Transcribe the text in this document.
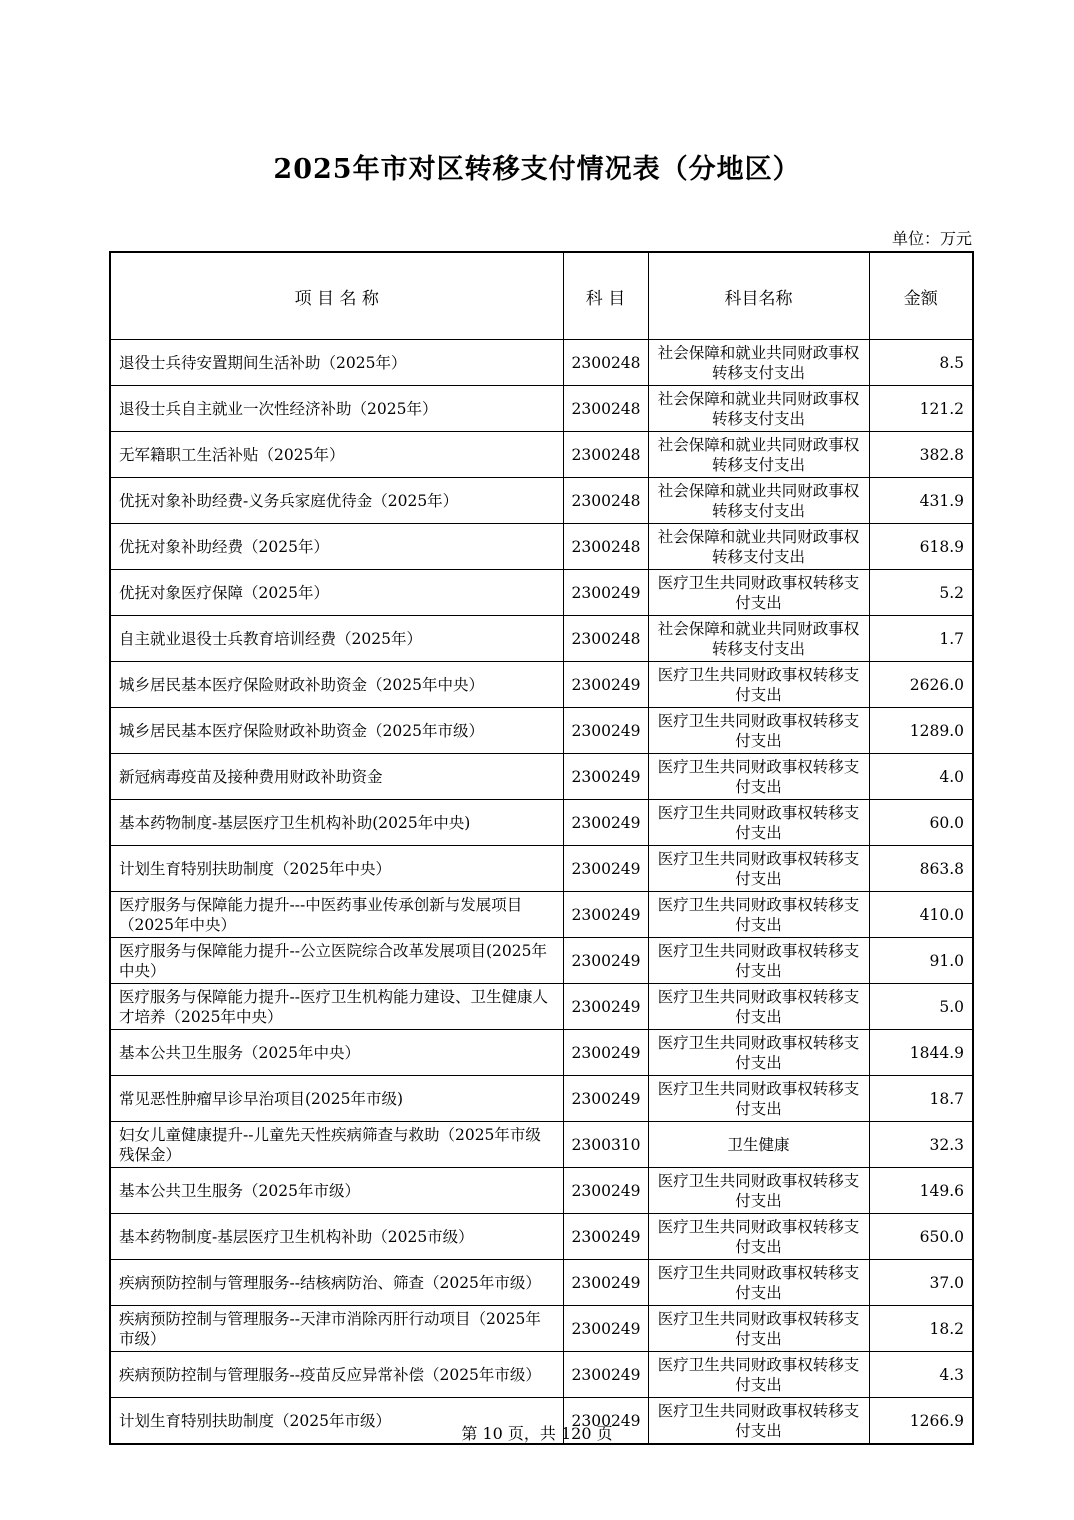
2025年市对区转移支付情况表（分地区）
单位：万元
项 目 名 称	科 目	科目名称	金额
退役士兵待安置期间生活补助（2025年）	2300248	社会保障和就业共同财政事权转移支付支出	8.5
退役士兵自主就业一次性经济补助（2025年）	2300248	社会保障和就业共同财政事权转移支付支出	121.2
无军籍职工生活补贴（2025年）	2300248	社会保障和就业共同财政事权转移支付支出	382.8
优抚对象补助经费-义务兵家庭优待金（2025年）	2300248	社会保障和就业共同财政事权转移支付支出	431.9
优抚对象补助经费（2025年）	2300248	社会保障和就业共同财政事权转移支付支出	618.9
优抚对象医疗保障（2025年）	2300249	医疗卫生共同财政事权转移支付支出	5.2
自主就业退役士兵教育培训经费（2025年）	2300248	社会保障和就业共同财政事权转移支付支出	1.7
城乡居民基本医疗保险财政补助资金（2025年中央）	2300249	医疗卫生共同财政事权转移支付支出	2626.0
城乡居民基本医疗保险财政补助资金（2025年市级）	2300249	医疗卫生共同财政事权转移支付支出	1289.0
新冠病毒疫苗及接种费用财政补助资金	2300249	医疗卫生共同财政事权转移支付支出	4.0
基本药物制度-基层医疗卫生机构补助(2025年中央)	2300249	医疗卫生共同财政事权转移支付支出	60.0
计划生育特别扶助制度（2025年中央）	2300249	医疗卫生共同财政事权转移支付支出	863.8
医疗服务与保障能力提升---中医药事业传承创新与发展项目（2025年中央）	2300249	医疗卫生共同财政事权转移支付支出	410.0
医疗服务与保障能力提升--公立医院综合改革发展项目(2025年中央）	2300249	医疗卫生共同财政事权转移支付支出	91.0
医疗服务与保障能力提升--医疗卫生机构能力建设、卫生健康人才培养（2025年中央）	2300249	医疗卫生共同财政事权转移支付支出	5.0
基本公共卫生服务（2025年中央）	2300249	医疗卫生共同财政事权转移支付支出	1844.9
常见恶性肿瘤早诊早治项目(2025年市级)	2300249	医疗卫生共同财政事权转移支付支出	18.7
妇女儿童健康提升--儿童先天性疾病筛查与救助（2025年市级残保金）	2300310	卫生健康	32.3
基本公共卫生服务（2025年市级）	2300249	医疗卫生共同财政事权转移支付支出	149.6
基本药物制度-基层医疗卫生机构补助（2025市级）	2300249	医疗卫生共同财政事权转移支付支出	650.0
疾病预防控制与管理服务--结核病防治、筛查（2025年市级）	2300249	医疗卫生共同财政事权转移支付支出	37.0
疾病预防控制与管理服务--天津市消除丙肝行动项目（2025年市级）	2300249	医疗卫生共同财政事权转移支付支出	18.2
疾病预防控制与管理服务--疫苗反应异常补偿（2025年市级）	2300249	医疗卫生共同财政事权转移支付支出	4.3
计划生育特别扶助制度（2025年市级）	2300249	医疗卫生共同财政事权转移支付支出	1266.9
第 10 页，共 120 页
